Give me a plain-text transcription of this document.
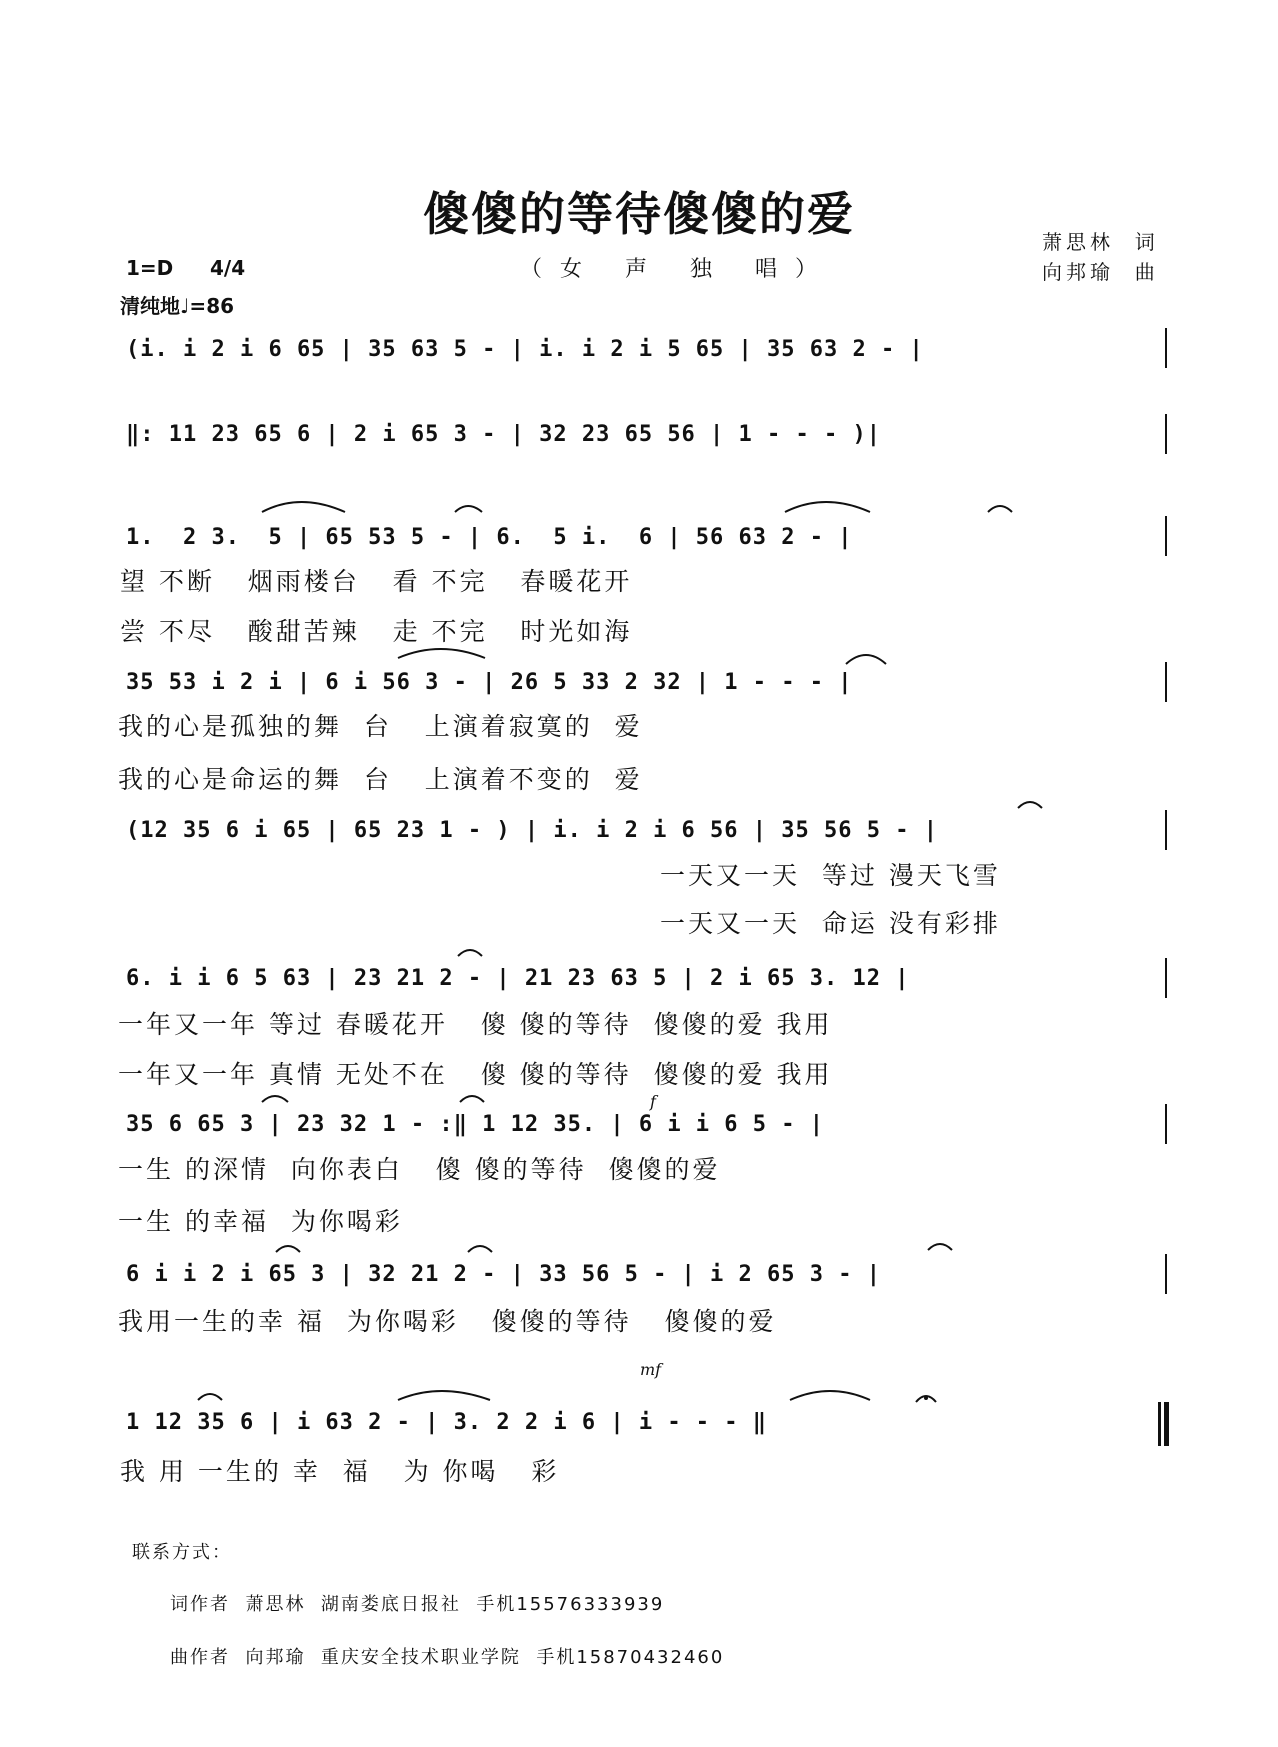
傻傻的等待傻傻的爱
（女 声 独 唱）
萧思林  词
向邦瑜  曲
1=D 4/4
清纯地♩=86
(i. i 2 i 6 65 | 35 63 5 - | i. i 2 i 5 65 | 35 63 2 - |
‖: 11 23 65 6 | 2 i 65 3 - | 32 23 65 56 | 1 - - - )|
1.  2 3.  5 | 65 53 5 - | 6.  5 i.  6 | 56 63 2 - |
望 不断   烟雨楼台   看 不完   春暖花开
尝 不尽   酸甜苦辣   走 不完   时光如海
35 53 i 2 i | 6 i 56 3 - | 26 5 33 2 32 | 1 - - - |
我的心是孤独的舞  台   上演着寂寞的  爱
我的心是命运的舞  台   上演着不变的  爱
(12 35 6 i 65 | 65 23 1 - ) | i. i 2 i 6 56 | 35 56 5 - |
一天又一天  等过 漫天飞雪
一天又一天  命运 没有彩排
6. i i 6 5 63 | 23 21 2 - | 21 23 63 5 | 2 i 65 3. 12 |
一年又一年 等过 春暖花开   傻 傻的等待  傻傻的爱 我用
一年又一年 真情 无处不在   傻 傻的等待  傻傻的爱 我用
f
35 6 65 3 | 23 32 1 - :‖ 1 12 35. | 6 i i 6 5 - |
一生 的深情  向你表白   傻 傻的等待  傻傻的爱
一生 的幸福  为你喝彩
6 i i 2 i 65 3 | 32 21 2 - | 33 56 5 - | i 2 65 3 - |
我用一生的幸 福  为你喝彩   傻傻的等待   傻傻的爱
mf
1 12 35 6 | i 63 2 - | 3. 2 2 i 6 | i - - - ‖
我 用 一生的 幸  福   为 你喝   彩
联系方式：
词作者  萧思林  湖南娄底日报社  手机15576333939
曲作者  向邦瑜  重庆安全技术职业学院  手机15870432460
